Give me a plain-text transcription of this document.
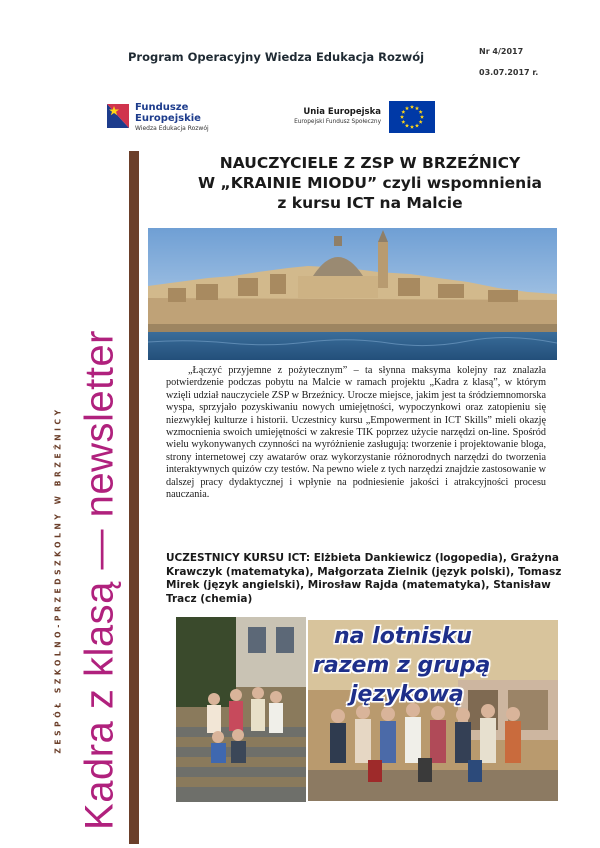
Program Operacyjny Wiedza Edukacja Rozwój	Nr 4/2017
03.07.2017 r.
Fundusze
Europejskie
Wiedza Edukacja Rozwój
Unia Europejska
Europejski Fundusz Społeczny
Kadra z klasą — newsletter
ZESPÓŁ SZKOLNO-PRZEDSZKOLNY W BRZEŹNICY
NAUCZYCIELE Z ZSP W BRZEŹNICY
W „KRAINIE MIODU” czyli wspomnienia
z kursu ICT na Malcie

„Łączyć przyjemne z pożytecznym” – ta słynna maksyma kolejny raz znalazła potwierdzenie podczas pobytu na Malcie w ramach projektu „Kadra z klasą”, w którym wzięli udział nauczyciele ZSP w Brzeźnicy. Urocze miejsce, jakim jest ta śródziemnomorska wyspa, sprzyjało pozyskiwaniu nowych umiejętności, wypoczynkowi oraz zatopieniu się niezwykłej kulturze i historii. Uczestnicy kursu „Empowerment in ICT Skills” mieli okazję wzmocnienia swoich umiejętności w zakresie TIK poprzez użycie narzędzi on-line. Spośród wielu wykonywanych czynności na wyróżnienie zasługują: tworzenie i projektowanie bloga, strony internetowej czy awatarów oraz wykorzystanie różnorodnych narzędzi do tworzenia interaktywnych quizów czy testów. Na pewno wiele z tych narzędzi znajdzie zastosowanie w dalszej pracy dydaktycznej i wpłynie na podniesienie jakości i atrakcyjności procesu nauczania.

UCZESTNICY KURSU ICT: Elżbieta Dankiewicz (logopedia), Grażyna Krawczyk (matematyka), Małgorzata Zielnik (język polski), Tomasz Mirek (język angielski), Mirosław Rajda (matematyka), Stanisław Tracz (chemia)
na lotnisku
razem z grupą
językową
